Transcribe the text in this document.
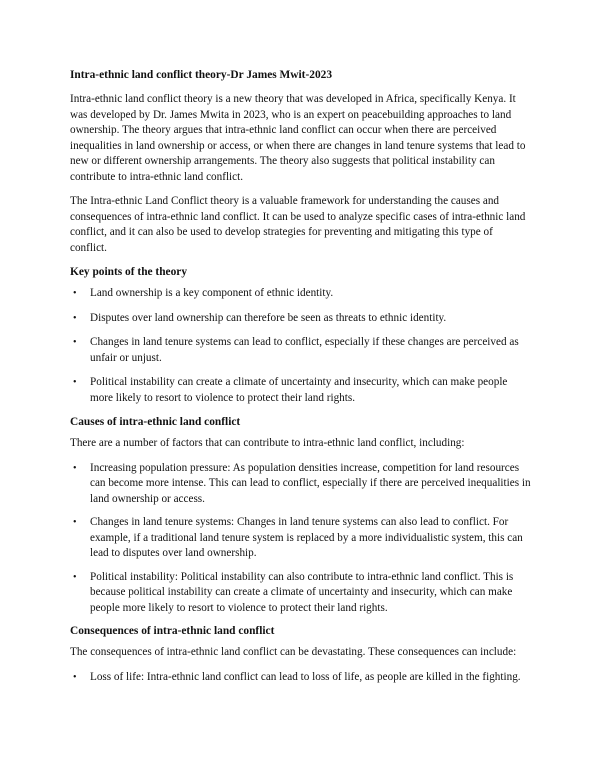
Intra-ethnic land conflict theory-Dr James Mwit-2023

Intra-ethnic land conflict theory is a new theory that was developed in Africa, specifically Kenya. It was developed by Dr. James Mwita in 2023, who is an expert on peacebuilding approaches to land ownership. The theory argues that intra-ethnic land conflict can occur when there are perceived inequalities in land ownership or access, or when there are changes in land tenure systems that lead to new or different ownership arrangements. The theory also suggests that political instability can contribute to intra-ethnic land conflict.

The Intra-ethnic Land Conflict theory is a valuable framework for understanding the causes and consequences of intra-ethnic land conflict. It can be used to analyze specific cases of intra-ethnic land conflict, and it can also be used to develop strategies for preventing and mitigating this type of conflict.

Key points of the theory
•	Land ownership is a key component of ethnic identity.
•	Disputes over land ownership can therefore be seen as threats to ethnic identity.
•	Changes in land tenure systems can lead to conflict, especially if these changes are perceived as unfair or unjust.
•	Political instability can create a climate of uncertainty and insecurity, which can make people more likely to resort to violence to protect their land rights.
Causes of intra-ethnic land conflict

There are a number of factors that can contribute to intra-ethnic land conflict, including:

•	Increasing population pressure: As population densities increase, competition for land resources can become more intense. This can lead to conflict, especially if there are perceived inequalities in land ownership or access.
•	Changes in land tenure systems: Changes in land tenure systems can also lead to conflict. For example, if a traditional land tenure system is replaced by a more individualistic system, this can lead to disputes over land ownership.
•	Political instability: Political instability can also contribute to intra-ethnic land conflict. This is because political instability can create a climate of uncertainty and insecurity, which can make people more likely to resort to violence to protect their land rights.
Consequences of intra-ethnic land conflict

The consequences of intra-ethnic land conflict can be devastating. These consequences can include:

•	Loss of life: Intra-ethnic land conflict can lead to loss of life, as people are killed in the fighting.
